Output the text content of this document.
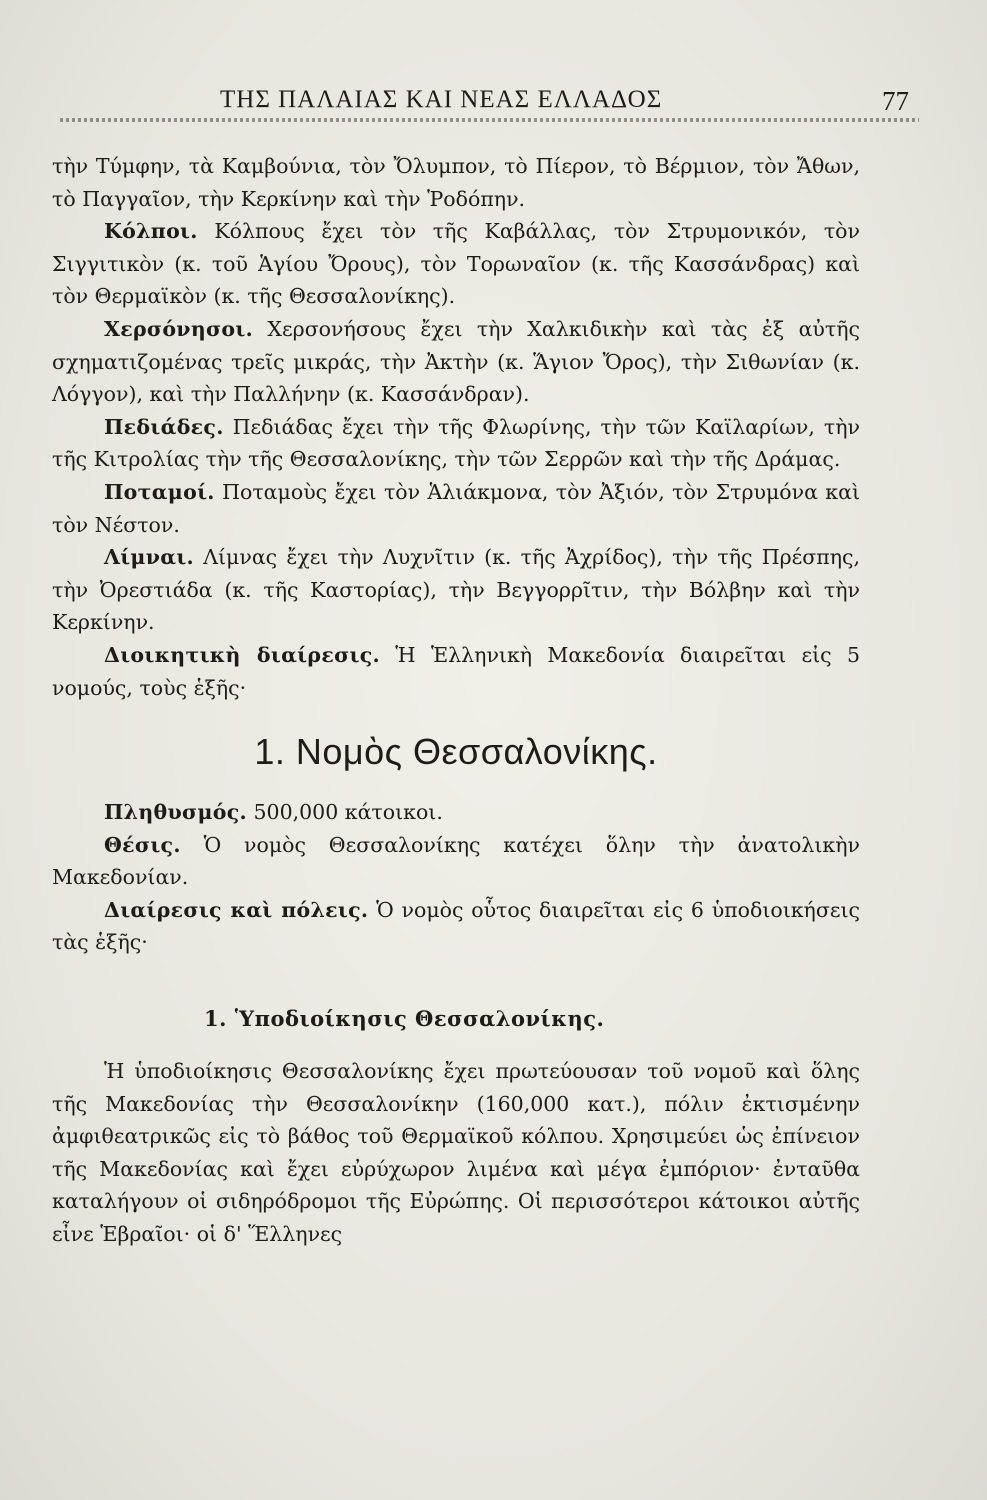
ΤΗΣ ΠΑΛΑΙΑΣ ΚΑΙ ΝΕΑΣ ΕΛΛΑΔΟΣ	77

τὴν Τύμφην, τὰ Καμβούνια, τὸν Ὄλυμπον, τὸ Πίερον, τὸ Βέρμιον, τὸν Ἄθων, τὸ Παγγαῖον, τὴν Κερκίνην καὶ τὴν Ῥοδόπην.

Κόλποι. Κόλπους ἔχει τὸν τῆς Καβάλλας, τὸν Στρυμονικόν, τὸν Σιγγιτικὸν (κ. τοῦ Ἁγίου Ὄρους), τὸν Τορωναῖον (κ. τῆς Κασσάνδρας) καὶ τὸν Θερμαϊκὸν (κ. τῆς Θεσσαλονίκης).

Χερσόνησοι. Χερσονήσους ἔχει τὴν Χαλκιδικὴν καὶ τὰς ἐξ αὐτῆς σχηματιζομένας τρεῖς μικράς, τὴν Ἀκτὴν (κ. Ἅγιον Ὄρος), τὴν Σιθωνίαν (κ. Λόγγον), καὶ τὴν Παλλήνην (κ. Κασσάνδραν).

Πεδιάδες. Πεδιάδας ἔχει τὴν τῆς Φλωρίνης, τὴν τῶν Καϊλαρίων, τὴν τῆς Κιτρολίας τὴν τῆς Θεσσαλονίκης, τὴν τῶν Σερρῶν καὶ τὴν τῆς Δράμας.

Ποταμοί. Ποταμοὺς ἔχει τὸν Ἁλιάκμονα, τὸν Ἀξιόν, τὸν Στρυμόνα καὶ τὸν Νέστον.

Λίμναι. Λίμνας ἔχει τὴν Λυχνῖτιν (κ. τῆς Ἀχρίδος), τὴν τῆς Πρέσπης, τὴν Ὀρεστιάδα (κ. τῆς Καστορίας), τὴν Βεγγορρῖτιν, τὴν Βόλβην καὶ τὴν Κερκίνην.

Διοικητικὴ διαίρεσις. Ἡ Ἑλληνικὴ Μακεδονία διαιρεῖται εἰς 5 νομούς, τοὺς ἑξῆς·

1. Νομὸς Θεσσαλονίκης.

Πληθυσμός. 500,000 κάτοικοι.

Θέσις. Ὁ νομὸς Θεσσαλονίκης κατέχει ὅλην τὴν ἀνατολικὴν Μακεδονίαν.

Διαίρεσις καὶ πόλεις. Ὁ νομὸς οὗτος διαιρεῖται εἰς 6 ὑποδιοικήσεις τὰς ἑξῆς·

1. Ὑποδιοίκησις Θεσσαλονίκης.

Ἡ ὑποδιοίκησις Θεσσαλονίκης ἔχει πρωτεύουσαν τοῦ νομοῦ καὶ ὅλης τῆς Μακεδονίας τὴν Θεσσαλονίκην (160,000 κατ.), πόλιν ἐκτισμένην ἀμφιθεατρικῶς εἰς τὸ βάθος τοῦ Θερμαϊκοῦ κόλπου. Χρησιμεύει ὡς ἐπίνειον τῆς Μακεδονίας καὶ ἔχει εὐρύχωρον λιμένα καὶ μέγα ἐμπόριον· ἐνταῦθα καταλήγουν οἱ σιδηρόδρομοι τῆς Εὐρώπης. Οἱ περισσότεροι κάτοικοι αὐτῆς εἶνε Ἑβραῖοι· οἱ δ' Ἕλληνες
